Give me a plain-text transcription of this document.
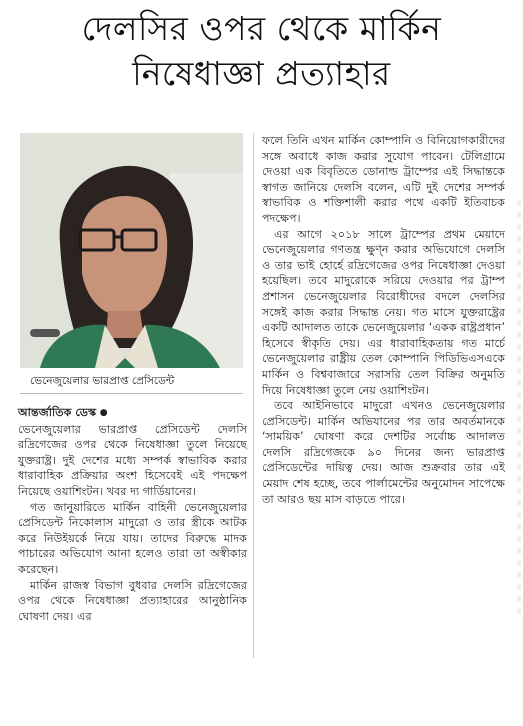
দেলসির ওপর থেকে মার্কিন
নিষেধাজ্ঞা প্রত্যাহার
ভেনেজুয়েলার ভারপ্রাপ্ত প্রেসিডেন্ট

আন্তর্জাতিক ডেস্ক ●

ভেনেজুয়েলার ভারপ্রাপ্ত প্রেসিডেন্ট দেলসি রদ্রিগেজের ওপর থেকে নিষেধাজ্ঞা তুলে নিয়েছে যুক্তরাষ্ট্র। দুই দেশের মধ্যে সম্পর্ক স্বাভাবিক করার ধারাবাহিক প্রক্রিয়ার অংশ হিসেবেই এই পদক্ষেপ নিয়েছে ওয়াশিংটন। খবর দ্য গার্ডিয়ানের।

গত জানুয়ারিতে মার্কিন বাহিনী ভেনেজুয়েলার প্রেসিডেন্ট নিকোলাস মাদুরো ও তার স্ত্রীকে আটক করে নিউইয়র্কে নিয়ে যায়। তাদের বিরুদ্ধে মাদক পাচারের অভিযোগ আনা হলেও তারা তা অস্বীকার করেছেন।

মার্কিন রাজস্ব বিভাগ বুধবার দেলসি রদ্রিগেজের ওপর থেকে নিষেধাজ্ঞা প্রত্যাহারের আনুষ্ঠানিক ঘোষণা দেয়। এর

ফলে তিনি এখন মার্কিন কোম্পানি ও বিনিয়োগকারীদের সঙ্গে অবাধে কাজ করার সুযোগ পাবেন। টেলিগ্রামে দেওয়া এক বিবৃতিতে ডোনাল্ড ট্রাম্পের এই সিদ্ধান্তকে স্বাগত জানিয়ে দেলসি বলেন, এটি দুই দেশের সম্পর্ক স্বাভাবিক ও শক্তিশালী করার পথে একটি ইতিবাচক পদক্ষেপ।

এর আগে ২০১৮ সালে ট্রাম্পের প্রথম মেয়াদে ভেনেজুয়েলার গণতন্ত্র ক্ষুণ্ন করার অভিযোগে দেলসি ও তার ভাই হোর্হে রদ্রিগেজের ওপর নিষেধাজ্ঞা দেওয়া হয়েছিল। তবে মাদুরোকে সরিয়ে দেওয়ার পর ট্রাম্প প্রশাসন ভেনেজুয়েলার বিরোধীদের বদলে দেলসির সঙ্গেই কাজ করার সিদ্ধান্ত নেয়। গত মাসে যুক্তরাষ্ট্রের একটি আদালত তাকে ভেনেজুয়েলার ‘একক রাষ্ট্রপ্রধান’ হিসেবে স্বীকৃতি দেয়। এর ধারাবাহিকতায় গত মার্চে ভেনেজুয়েলার রাষ্ট্রীয় তেল কোম্পানি পিডিভিএসএকে মার্কিন ও বিশ্ববাজারে সরাসরি তেল বিক্রির অনুমতি দিয়ে নিষেধাজ্ঞা তুলে নেয় ওয়াশিংটন।

তবে আইনিভাবে মাদুরো এখনও ভেনেজুয়েলার প্রেসিডেন্ট। মার্কিন অভিযানের পর তার অবর্তমানকে ‘সাময়িক’ ঘোষণা করে দেশটির সর্বোচ্চ আদালত দেলসি রদ্রিগেজকে ৯০ দিনের জন্য ভারপ্রাপ্ত প্রেসিডেন্টের দায়িত্ব দেয়। আজ শুক্রবার তার এই মেয়াদ শেষ হচ্ছে, তবে পার্লামেন্টের অনুমোদন সাপেক্ষে তা আরও ছয় মাস বাড়তে পারে।
